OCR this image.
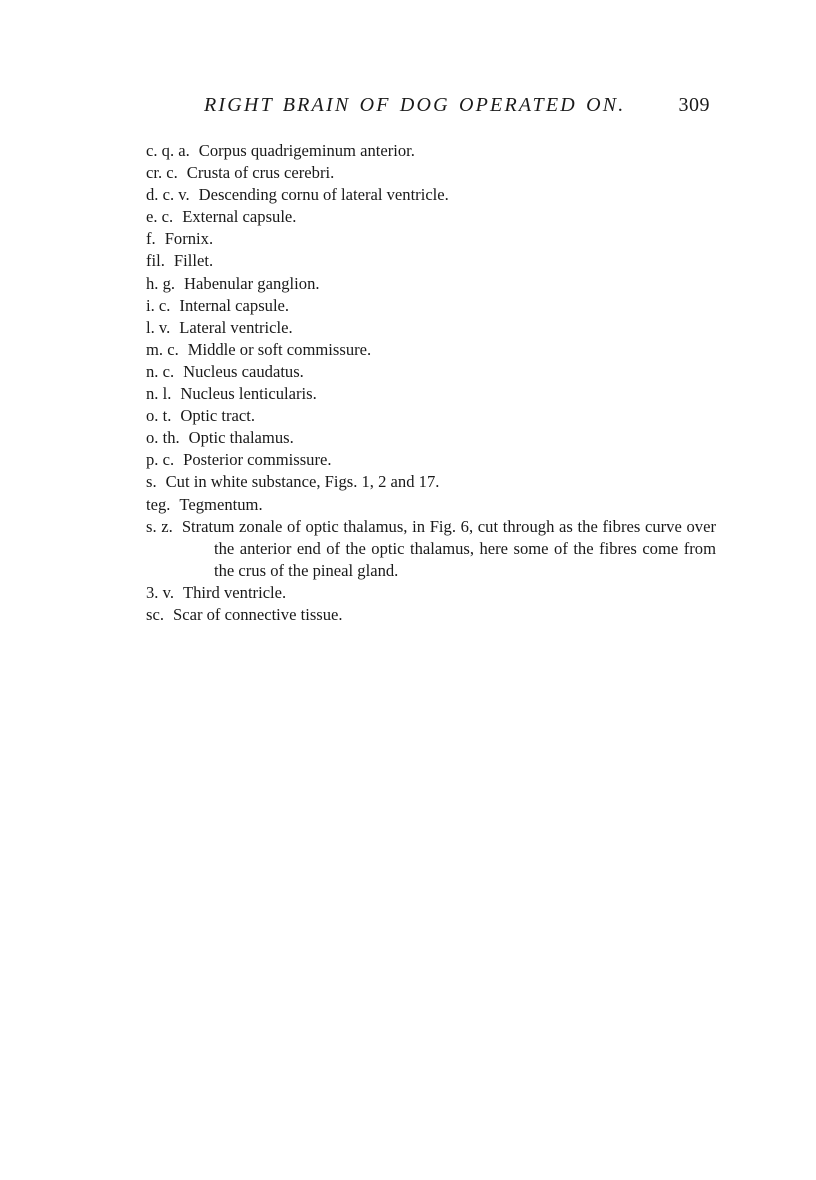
RIGHT BRAIN OF DOG OPERATED ON.	309
c. q. a. Corpus quadrigeminum anterior.
cr. c. Crusta of crus cerebri.
d. c. v. Descending cornu of lateral ventricle.
e. c. External capsule.
f. Fornix.
fil. Fillet.
h. g. Habenular ganglion.
i. c. Internal capsule.
l. v. Lateral ventricle.
m. c. Middle or soft commissure.
n. c. Nucleus caudatus.
n. l. Nucleus lenticularis.
o. t. Optic tract.
o. th. Optic thalamus.
p. c. Posterior commissure.
s. Cut in white substance, Figs. 1, 2 and 17.
teg. Tegmentum.
s. z. Stratum zonale of optic thalamus, in Fig. 6, cut through as the fibres curve over the anterior end of the optic thalamus, here some of the fibres come from the crus of the pineal gland.
3. v. Third ventricle.
sc. Scar of connective tissue.
